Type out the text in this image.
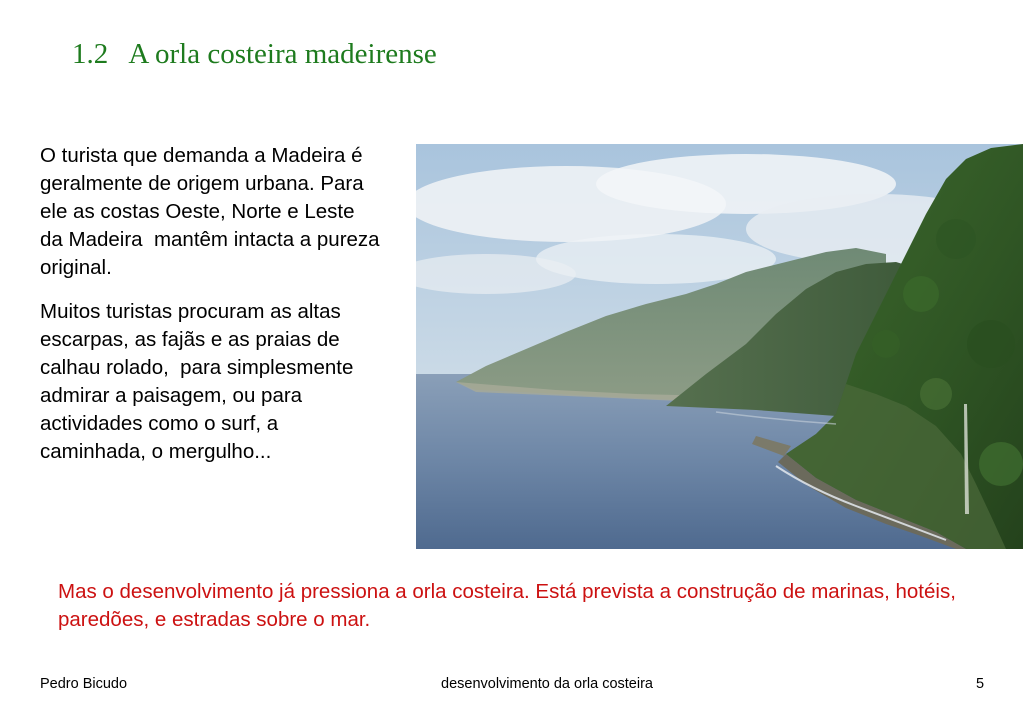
1.2   A orla costeira madeirense

O turista que demanda a Madeira é geralmente de origem urbana. Para ele as costas Oeste, Norte e Leste da Madeira  mantêm intacta a pureza original.

Muitos turistas procuram as altas escarpas, as fajãs e as praias de calhau rolado,  para simplesmente admirar a paisagem, ou para actividades como o surf, a caminhada, o mergulho...

Mas o desenvolvimento já pressiona a orla costeira. Está prevista a construção de marinas, hotéis, paredões, e estradas sobre o mar.

Pedro Bicudo	desenvolvimento da orla costeira	5
